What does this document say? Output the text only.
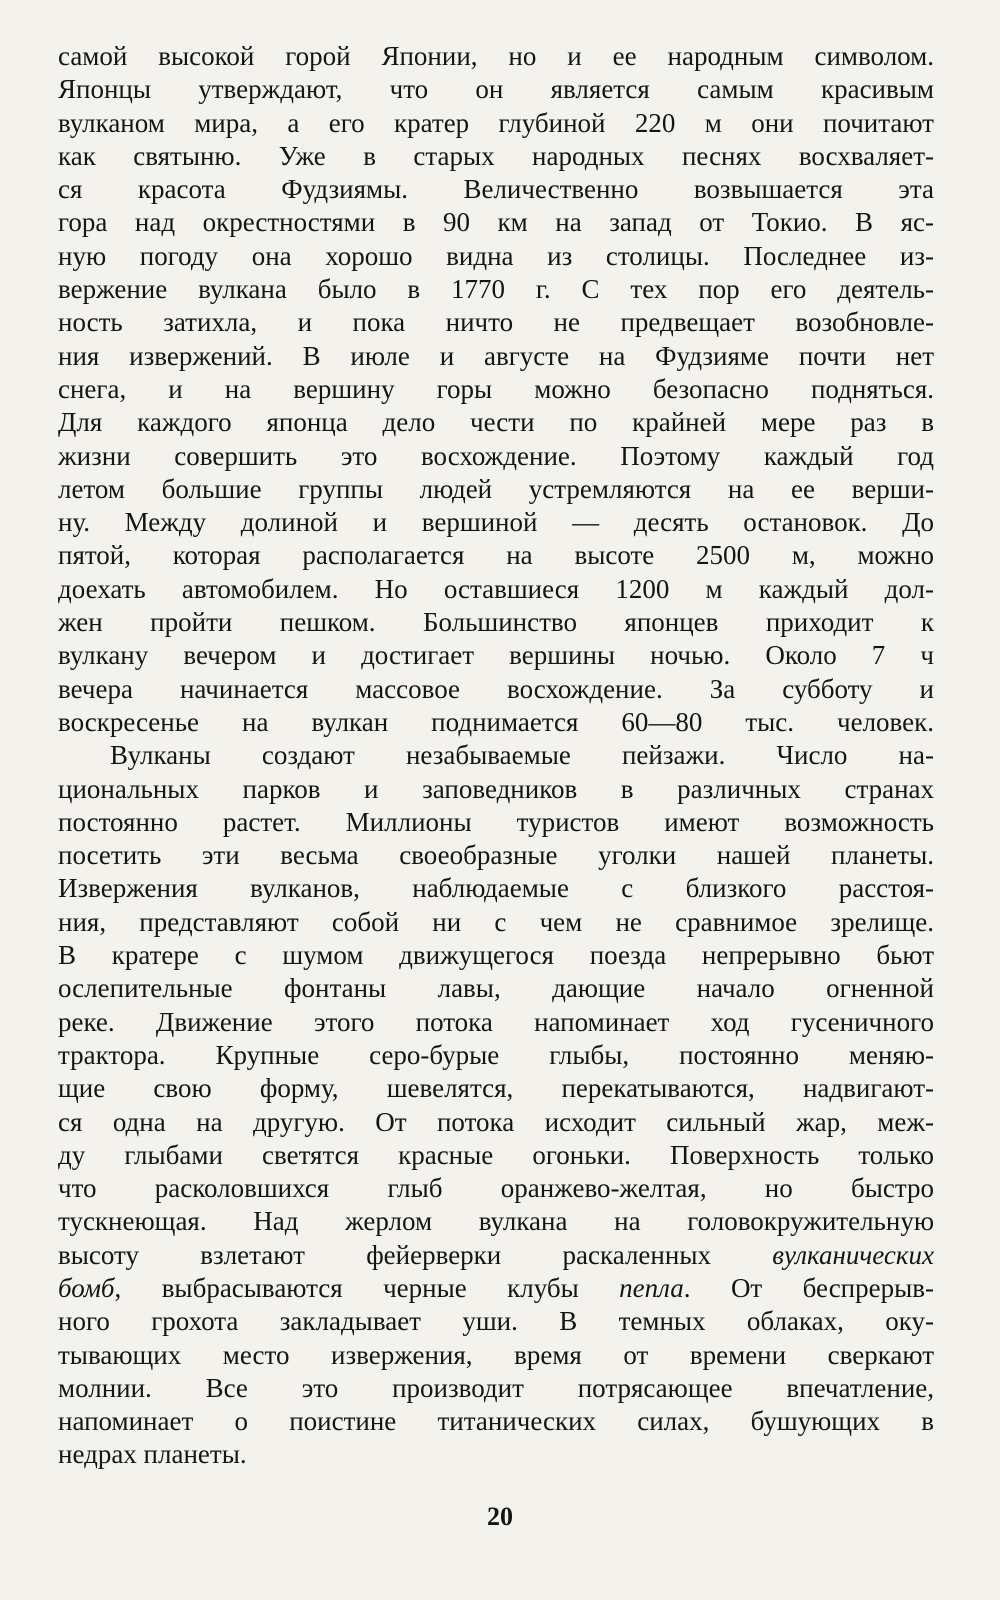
самой высокой горой Японии, но и ее народным символом.
Японцы утверждают, что он является самым красивым
вулканом мира, а его кратер глубиной 220 м они почитают
как святыню. Уже в старых народных песнях восхваляет-
ся красота Фудзиямы. Величественно возвышается эта
гора над окрестностями в 90 км на запад от Токио. В яс-
ную погоду она хорошо видна из столицы. Последнее из-
вержение вулкана было в 1770 г. С тех пор его деятель-
ность затихла, и пока ничто не предвещает возобновле-
ния извержений. В июле и августе на Фудзияме почти нет
снега, и на вершину горы можно безопасно подняться.
Для каждого японца дело чести по крайней мере раз в
жизни совершить это восхождение. Поэтому каждый год
летом большие группы людей устремляются на ее верши-
ну. Между долиной и вершиной — десять остановок. До
пятой, которая располагается на высоте 2500 м, можно
доехать автомобилем. Но оставшиеся 1200 м каждый дол-
жен пройти пешком. Большинство японцев приходит к
вулкану вечером и достигает вершины ночью. Около 7 ч
вечера начинается массовое восхождение. За субботу и
воскресенье на вулкан поднимается 60—80 тыс. человек.
Вулканы создают незабываемые пейзажи. Число на-
циональных парков и заповедников в различных странах
постоянно растет. Миллионы туристов имеют возможность
посетить эти весьма своеобразные уголки нашей планеты.
Извержения вулканов, наблюдаемые с близкого расстоя-
ния, представляют собой ни с чем не сравнимое зрелище.
В кратере с шумом движущегося поезда непрерывно бьют
ослепительные фонтаны лавы, дающие начало огненной
реке. Движение этого потока напоминает ход гусеничного
трактора. Крупные серо-бурые глыбы, постоянно меняю-
щие свою форму, шевелятся, перекатываются, надвигают-
ся одна на другую. От потока исходит сильный жар, меж-
ду глыбами светятся красные огоньки. Поверхность только
что расколовшихся глыб оранжево-желтая, но быстро
тускнеющая. Над жерлом вулкана на головокружительную
высоту взлетают фейерверки раскаленных вулканических
бомб, выбрасываются черные клубы пепла. От беспрерыв-
ного грохота закладывает уши. В темных облаках, оку-
тывающих место извержения, время от времени сверкают
молнии. Все это производит потрясающее впечатление,
напоминает о поистине титанических силах, бушующих в
недрах планеты.
20
